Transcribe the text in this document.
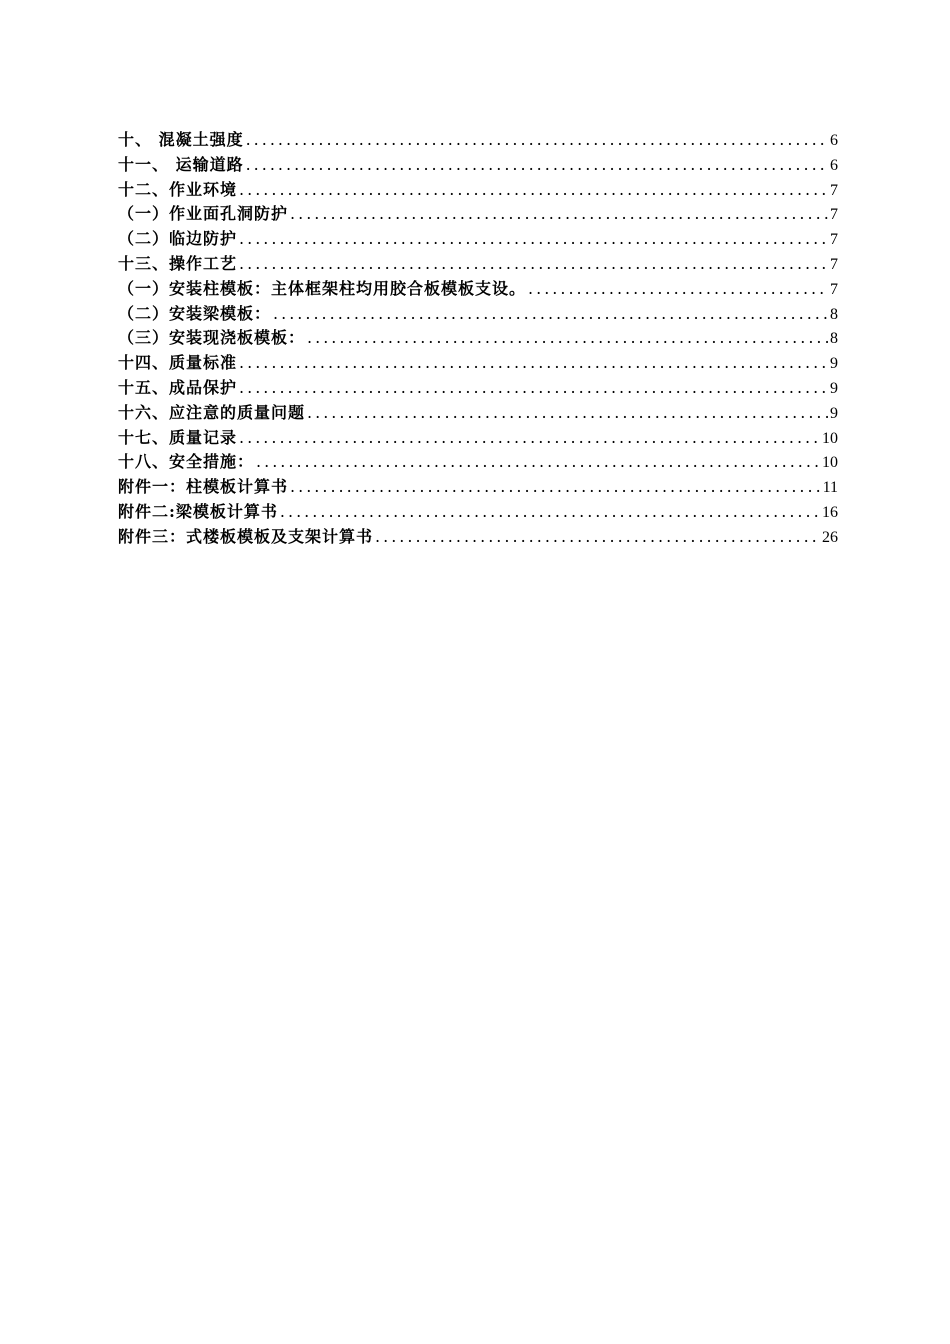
十、 混凝土强度 .....	6
十一、 运输道路 .....	6
十二、作业环境 .....	7
（一）作业面孔洞防护 .....	7
（二）临边防护 .....	7
十三、操作工艺 .....	7
（一）安装柱模板：主体框架柱均用胶合板模板支设。 .....	7
（二）安装梁模板： .....	8
（三）安装现浇板模板： .....	8
十四、质量标准 .....	9
十五、成品保护 .....	9
十六、应注意的质量问题 .....	9
十七、质量记录 .....	10
十八、安全措施： .....	10
附件一：柱模板计算书 .....	11
附件二:梁模板计算书 .....	16
附件三：式楼板模板及支架计算书 .....	26
